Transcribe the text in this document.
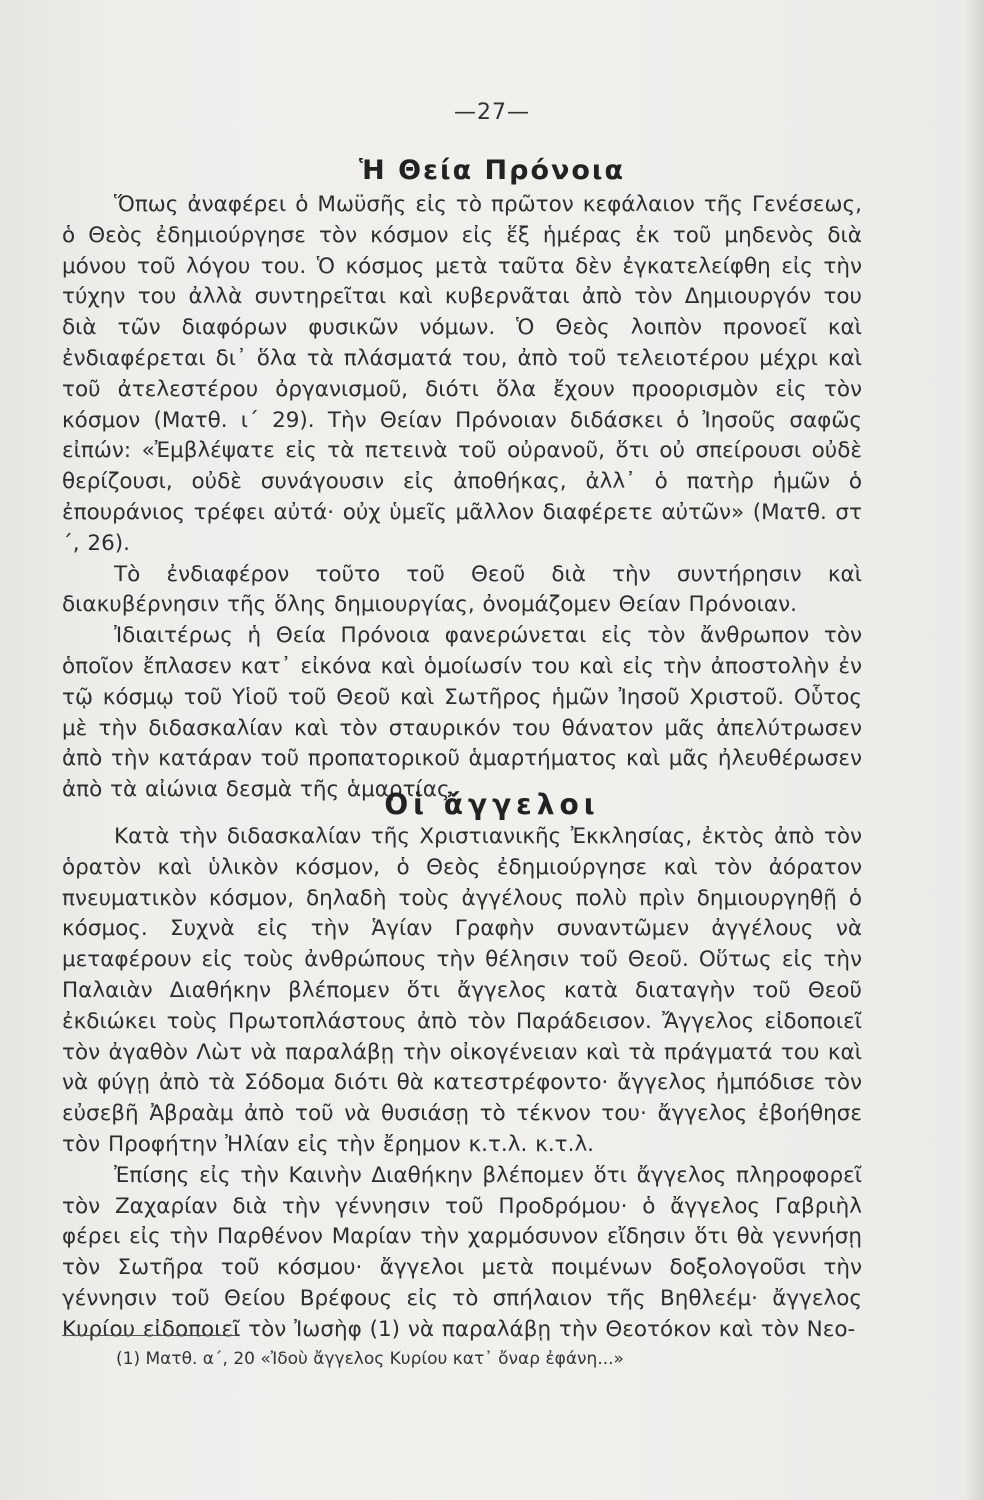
—27—
Ἡ Θεία Πρόνοια

Ὅπως ἀναφέρει ὁ Μωϋσῆς εἰς τὸ πρῶτον κεφάλαιον τῆς Γενέσεως, ὁ Θεὸς ἐδημιούργησε τὸν κόσμον εἰς ἕξ ἡμέρας ἐκ τοῦ μηδενὸς διὰ μόνου τοῦ λόγου του. Ὁ κόσμος μετὰ ταῦτα δὲν ἐγκατελείφθη εἰς τὴν τύχην του ἀλλὰ συντηρεῖται καὶ κυβερνᾶται ἀπὸ τὸν Δημιουργόν του διὰ τῶν διαφόρων φυσικῶν νόμων. Ὁ Θεὸς λοιπὸν προνοεῖ καὶ ἐνδιαφέρεται δι᾽ ὅλα τὰ πλάσματά του, ἀπὸ τοῦ τελειοτέρου μέχρι καὶ τοῦ ἀτελεστέρου ὀργανισμοῦ, διότι ὅλα ἔχουν προορισμὸν εἰς τὸν κόσμον (Ματθ. ι´ 29). Τὴν Θείαν Πρόνοιαν διδάσκει ὁ Ἰησοῦς σαφῶς εἰπών: «Ἐμβλέψατε εἰς τὰ πετεινὰ τοῦ οὐρανοῦ, ὅτι οὐ σπείρουσι οὐδὲ θερίζουσι, οὐδὲ συνάγουσιν εἰς ἀποθήκας, ἀλλ᾽ ὁ πατὴρ ἡμῶν ὁ ἐπουράνιος τρέφει αὐτά· οὐχ ὑμεῖς μᾶλλον διαφέρετε αὐτῶν» (Ματθ. στ´, 26).

Τὸ ἐνδιαφέρον τοῦτο τοῦ Θεοῦ διὰ τὴν συντήρησιν καὶ διακυβέρνησιν τῆς ὅλης δημιουργίας, ὀνομάζομεν Θείαν Πρόνοιαν.

Ἰδιαιτέρως ἡ Θεία Πρόνοια φανερώνεται εἰς τὸν ἄνθρωπον τὸν ὁποῖον ἔπλασεν κατ᾽ εἰκόνα καὶ ὁμοίωσίν του καὶ εἰς τὴν ἀποστολὴν ἐν τῷ κόσμῳ τοῦ Υἱοῦ τοῦ Θεοῦ καὶ Σωτῆρος ἡμῶν Ἰησοῦ Χριστοῦ. Οὗτος μὲ τὴν διδασκαλίαν καὶ τὸν σταυρικόν του θάνατον μᾶς ἀπελύτρωσεν ἀπὸ τὴν κατάραν τοῦ προπατορικοῦ ἁμαρτήματος καὶ μᾶς ἠλευθέρωσεν ἀπὸ τὰ αἰώνια δεσμὰ τῆς ἁμαρτίας.

Οἱ ἄγγελοι

Κατὰ τὴν διδασκαλίαν τῆς Χριστιανικῆς Ἐκκλησίας, ἐκτὸς ἀπὸ τὸν ὁρατὸν καὶ ὑλικὸν κόσμον, ὁ Θεὸς ἐδημιούργησε καὶ τὸν ἀόρατον πνευματικὸν κόσμον, δηλαδὴ τοὺς ἀγγέλους πολὺ πρὶν δημιουργηθῇ ὁ κόσμος. Συχνὰ εἰς τὴν Ἁγίαν Γραφὴν συναντῶμεν ἀγγέλους νὰ μεταφέρουν εἰς τοὺς ἀνθρώπους τὴν θέλησιν τοῦ Θεοῦ. Οὕτως εἰς τὴν Παλαιὰν Διαθήκην βλέπομεν ὅτι ἄγγελος κατὰ διαταγὴν τοῦ Θεοῦ ἐκδιώκει τοὺς Πρωτοπλάστους ἀπὸ τὸν Παράδεισον. Ἄγγελος εἰδοποιεῖ τὸν ἀγαθὸν Λὼτ νὰ παραλάβῃ τὴν οἰκογένειαν καὶ τὰ πράγματά του καὶ νὰ φύγῃ ἀπὸ τὰ Σόδομα διότι θὰ κατεστρέφοντο· ἄγγελος ἠμπόδισε τὸν εὐσεβῆ Ἀβραὰμ ἀπὸ τοῦ νὰ θυσιάσῃ τὸ τέκνον του· ἄγγελος ἐβοήθησε τὸν Προφήτην Ἠλίαν εἰς τὴν ἔρημον κ.τ.λ. κ.τ.λ.

Ἐπίσης εἰς τὴν Καινὴν Διαθήκην βλέπομεν ὅτι ἄγγελος πληροφορεῖ τὸν Ζαχαρίαν διὰ τὴν γέννησιν τοῦ Προδρόμου· ὁ ἄγγελος Γαβριὴλ φέρει εἰς τὴν Παρθένον Μαρίαν τὴν χαρμόσυνον εἴδησιν ὅτι θὰ γεννήσῃ τὸν Σωτῆρα τοῦ κόσμου· ἄγγελοι μετὰ ποιμένων δοξολογοῦσι τὴν γέννησιν τοῦ Θείου Βρέφους εἰς τὸ σπήλαιον τῆς Βηθλεέμ· ἄγγελος Κυρίου εἰδοποιεῖ τὸν Ἰωσὴφ (1) νὰ παραλάβῃ τὴν Θεοτόκον καὶ τὸν Νεο-

(1) Ματθ. α´, 20 «Ἰδοὺ ἄγγελος Κυρίου κατ᾽ ὄναρ ἐφάνη...»
